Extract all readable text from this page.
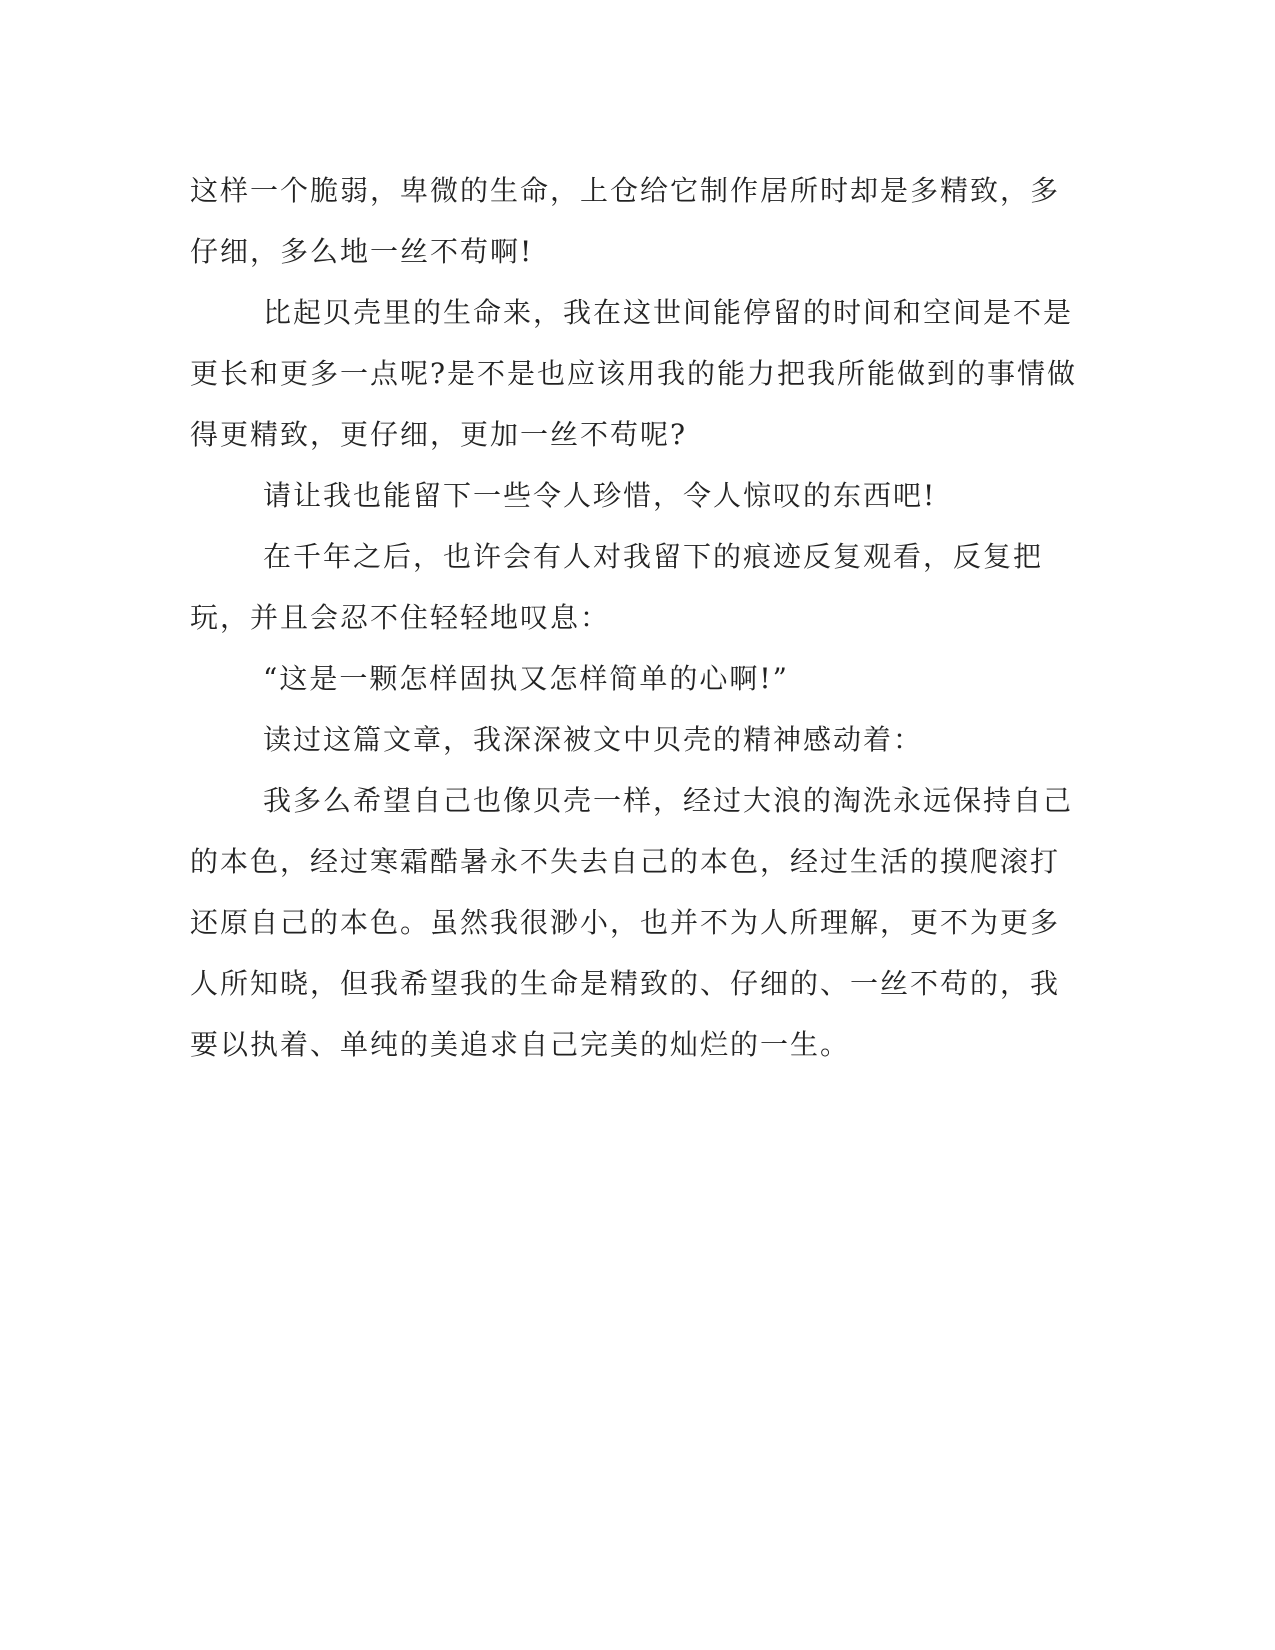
这样一个脆弱，卑微的生命，上仓给它制作居所时却是多精致，多仔细，多么地一丝不苟啊!

比起贝壳里的生命来，我在这世间能停留的时间和空间是不是更长和更多一点呢?是不是也应该用我的能力把我所能做到的事情做得更精致，更仔细，更加一丝不苟呢?

请让我也能留下一些令人珍惜，令人惊叹的东西吧!

在千年之后，也许会有人对我留下的痕迹反复观看，反复把玩，并且会忍不住轻轻地叹息：

“这是一颗怎样固执又怎样简单的心啊!”

读过这篇文章，我深深被文中贝壳的精神感动着：

我多么希望自己也像贝壳一样，经过大浪的淘洗永远保持自己的本色，经过寒霜酷暑永不失去自己的本色，经过生活的摸爬滚打还原自己的本色。虽然我很渺小，也并不为人所理解，更不为更多人所知晓，但我希望我的生命是精致的、仔细的、一丝不苟的，我要以执着、单纯的美追求自己完美的灿烂的一生。
